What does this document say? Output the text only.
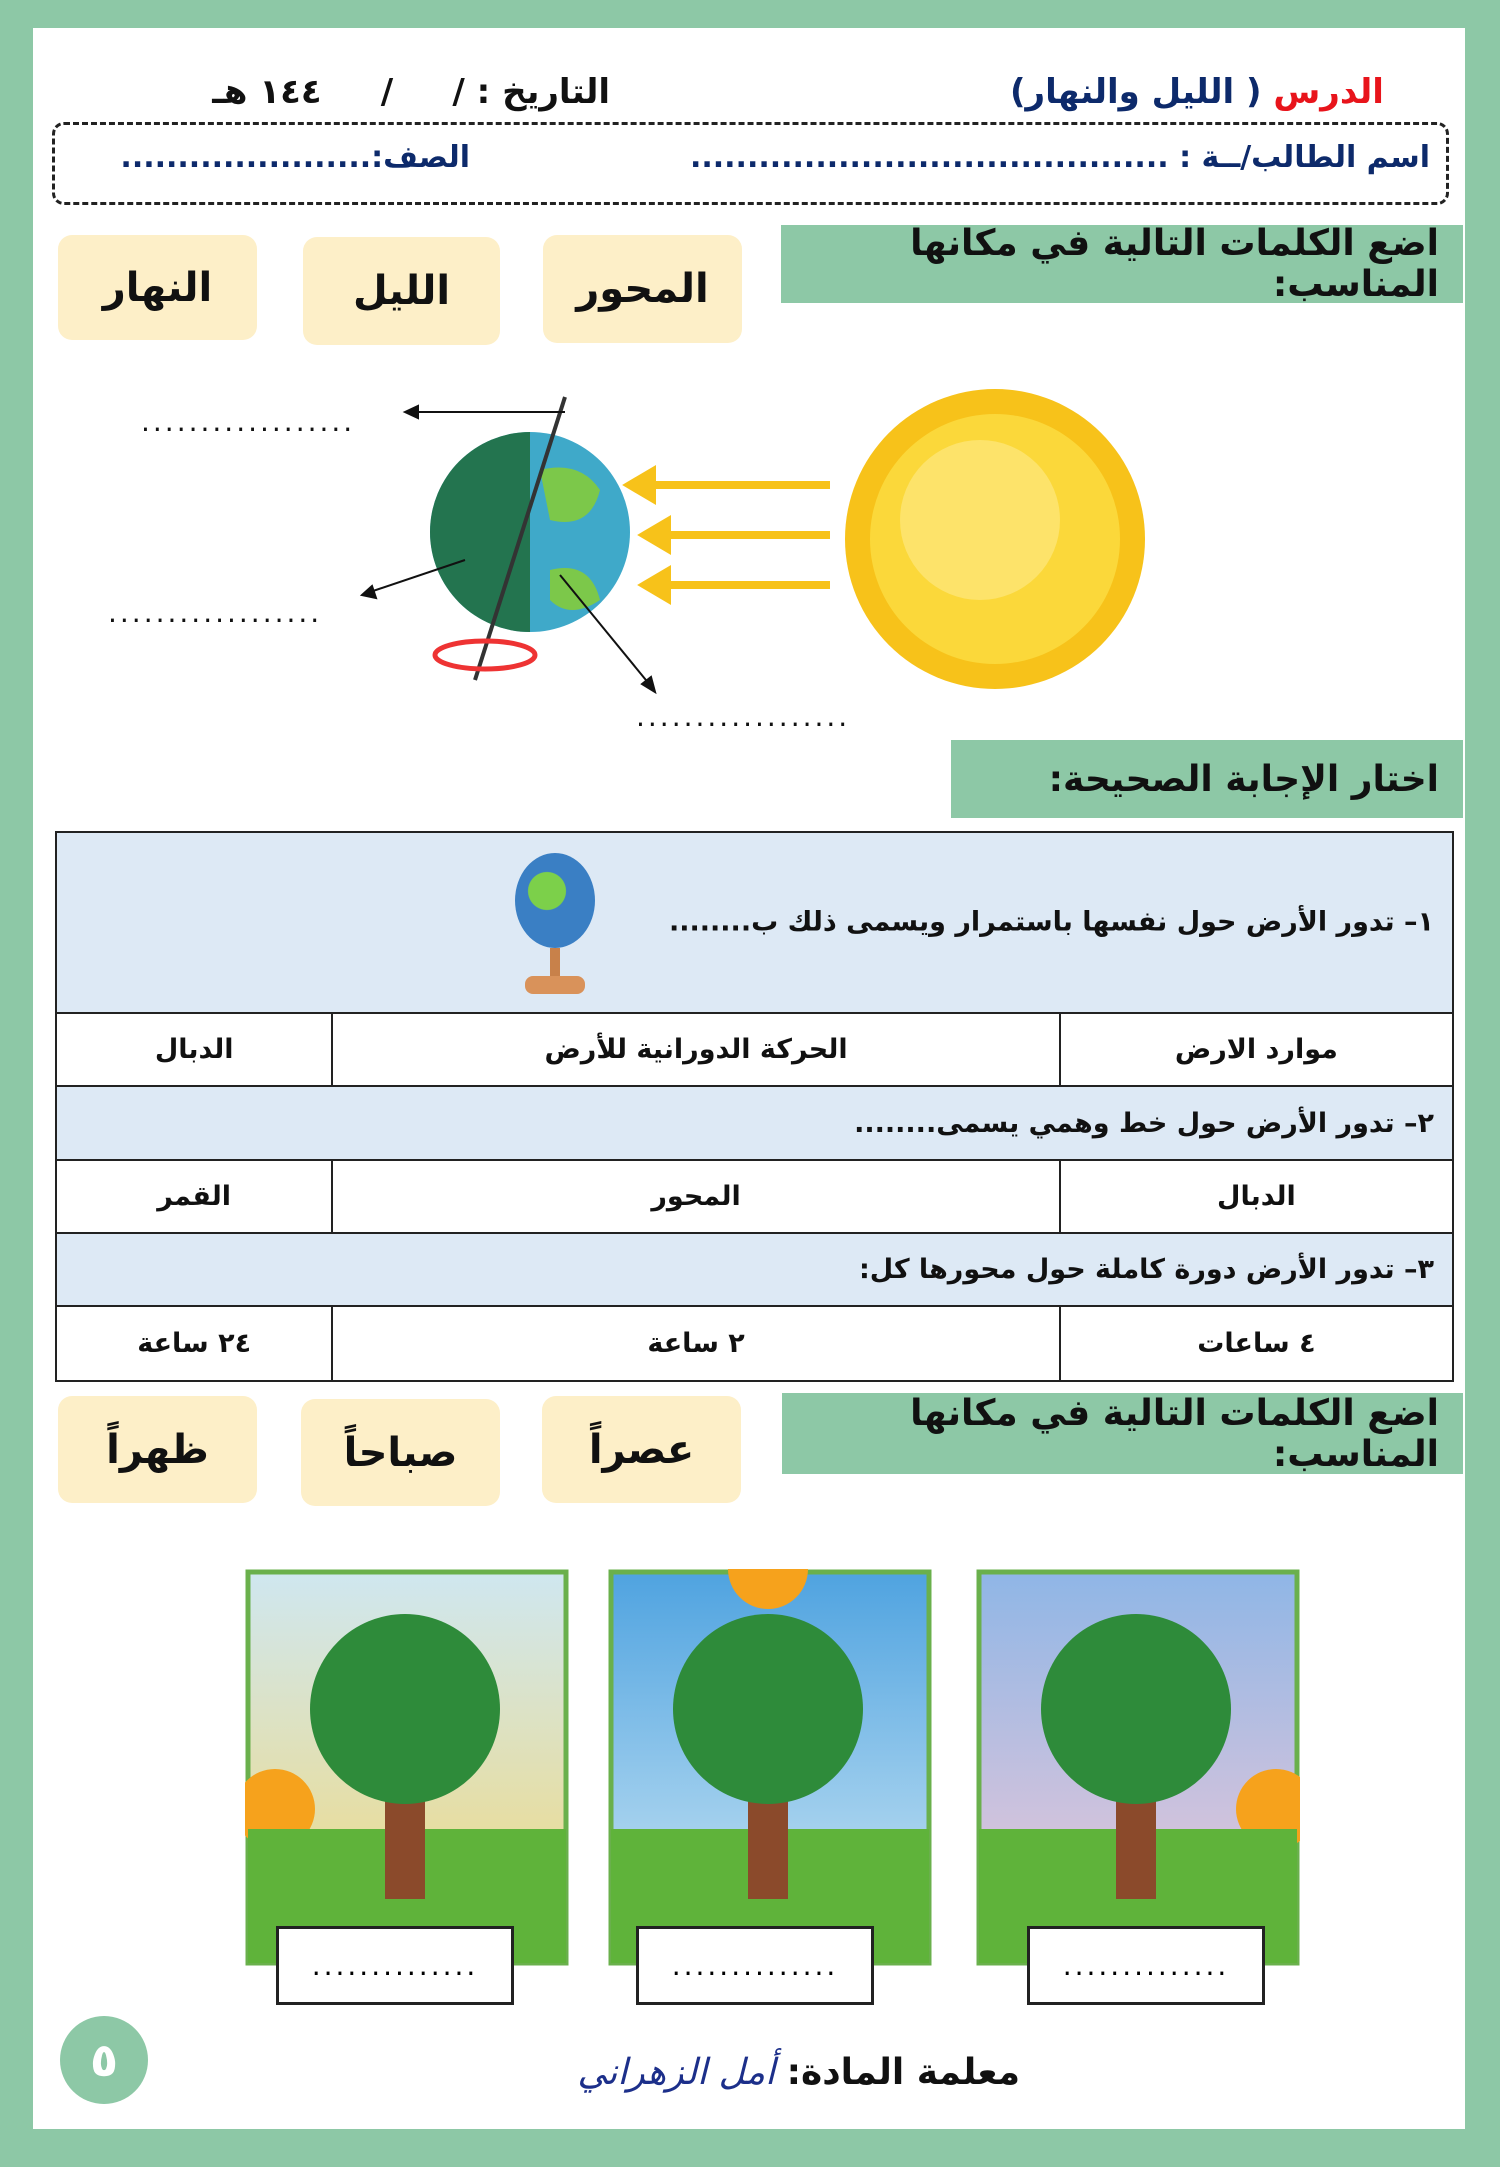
الدرس ( الليل والنهار)
التاريخ : /     /     ١٤٤ هـ
اسم الطالب/ــة : ..........................................
الصف:......................
اضع الكلمات التالية في مكانها المناسب:
المحور
الليل
النهار
..................
..................
..................
اختار الإجابة الصحيحة:
١– تدور الأرض حول نفسها باستمرار ويسمى ذلك ب........		

موارد الارض	الحركة الدورانية للأرض	الدبال
٢– تدور الأرض حول خط وهمي يسمى........		
الدبال	المحور	القمر
٣– تدور الأرض دورة كاملة حول محورها كل:		
٤ ساعات	٢ ساعة	٢٤ ساعة
اضع الكلمات التالية في مكانها المناسب:
عصراً
صباحاً
ظهراً
..............	..............	..............
٥	معلمة المادة: أمل الزهراني
